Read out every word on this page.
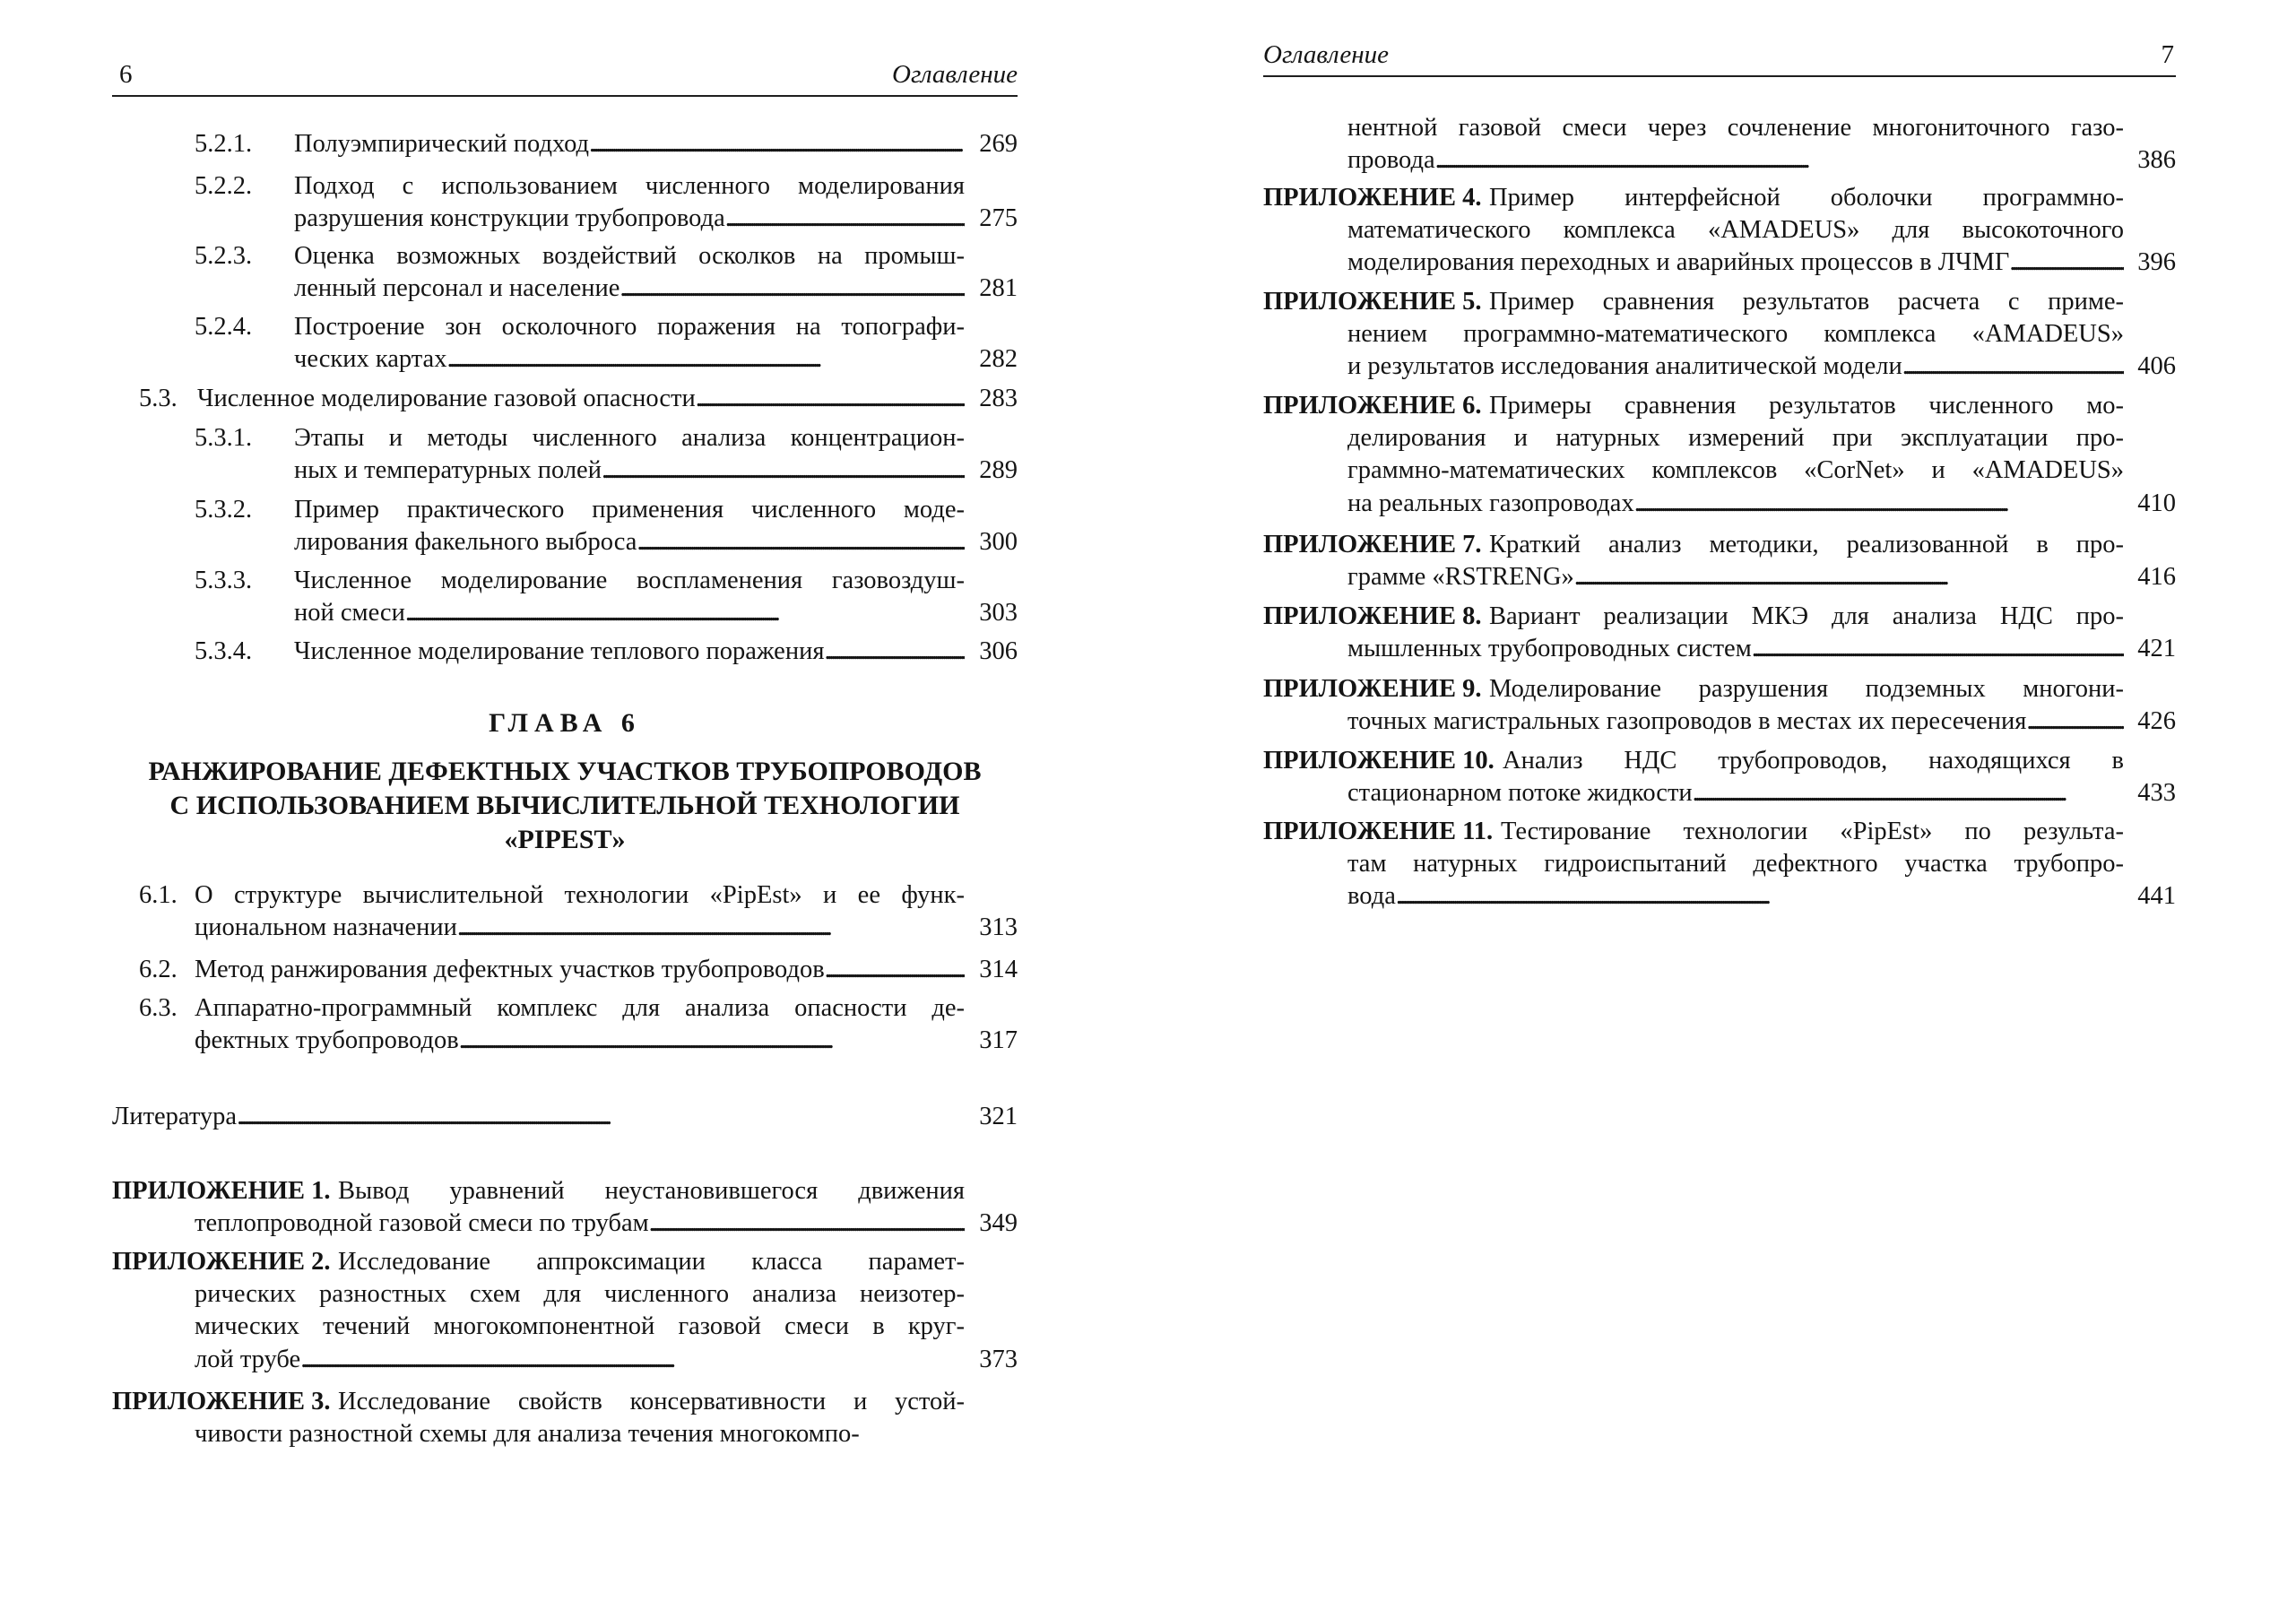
6	Оглавление
5.2.1. Полуэмпирический подход . . .	269
5.2.2. Подход с использованием численного моделирования
разрушения конструкции трубопровода . . .	275
5.2.3. Оценка возможных воздействий осколков на промыш-
ленный персонал и население . . .	281
5.2.4. Построение зон осколочного поражения на топографи-
ческих картах . . .	282
5.3. Численное моделирование газовой опасности . . .	283
5.3.1. Этапы и методы численного анализа концентрацион-
ных и температурных полей . . .	289
5.3.2. Пример практического применения численного моде-
лирования факельного выброса . . .	300
5.3.3. Численное моделирование воспламенения газовоздуш-
ной смеси . . .	303
5.3.4. Численное моделирование теплового поражения . . .	306
ГЛАВА 6
РАНЖИРОВАНИЕ ДЕФЕКТНЫХ УЧАСТКОВ ТРУБОПРОВОДОВ
С ИСПОЛЬЗОВАНИЕМ ВЫЧИСЛИТЕЛЬНОЙ ТЕХНОЛОГИИ
«PIPEST»
6.1. О структуре вычислительной технологии «PipEst» и ее функ-
циональном назначении . . .	313
6.2. Метод ранжирования дефектных участков трубопроводов . . .	314
6.3. Аппаратно-программный комплекс для анализа опасности де-
фектных трубопроводов . . .	317
Литература . . .	321
ПРИЛОЖЕНИЕ 1. Вывод уравнений неустановившегося движения
теплопроводной газовой смеси по трубам . . .	349
ПРИЛОЖЕНИЕ 2. Исследование аппроксимации класса парамет-
рических разностных схем для численного анализа неизотер-
мических течений многокомпонентной газовой смеси в круг-
лой трубе . . .	373
ПРИЛОЖЕНИЕ 3. Исследование свойств консервативности и устой-
чивости разностной схемы для анализа течения многокомпо-
Оглавление	7
нентной газовой смеси через сочленение многониточного газо-
провода . . .	386
ПРИЛОЖЕНИЕ 4. Пример интерфейсной оболочки программно-
математического комплекса «AMADEUS» для высокоточного
моделирования переходных и аварийных процессов в ЛЧМГ . . .	396
ПРИЛОЖЕНИЕ 5. Пример сравнения результатов расчета с приме-
нением программно-математического комплекса «AMADEUS»
и результатов исследования аналитической модели . . .	406
ПРИЛОЖЕНИЕ 6. Примеры сравнения результатов численного мо-
делирования и натурных измерений при эксплуатации про-
граммно-математических комплексов «CorNet» и «AMADEUS»
на реальных газопроводах . . .	410
ПРИЛОЖЕНИЕ 7. Краткий анализ методики, реализованной в про-
грамме «RSTRENG» . . .	416
ПРИЛОЖЕНИЕ 8. Вариант реализации МКЭ для анализа НДС про-
мышленных трубопроводных систем . . .	421
ПРИЛОЖЕНИЕ 9. Моделирование разрушения подземных многони-
точных магистральных газопроводов в местах их пересечения . . .	426
ПРИЛОЖЕНИЕ 10. Анализ НДС трубопроводов, находящихся в
стационарном потоке жидкости . . .	433
ПРИЛОЖЕНИЕ 11. Тестирование технологии «PipEst» по результа-
там натурных гидроиспытаний дефектного участка трубопро-
вода . . .	441
